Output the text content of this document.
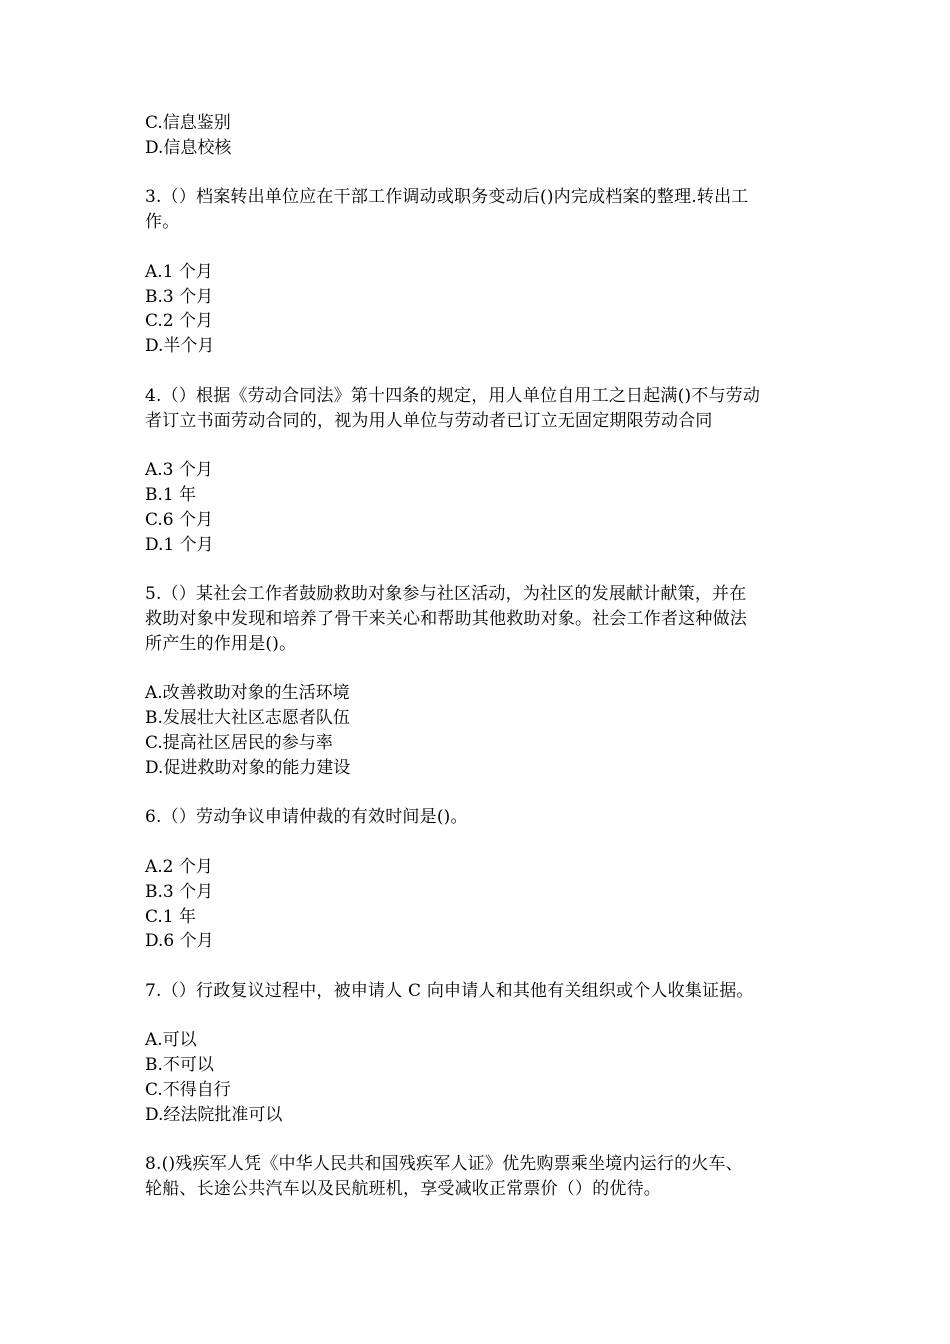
C.信息鉴别
D.信息校核
3.（）档案转出单位应在干部工作调动或职务变动后()内完成档案的整理.转出工
作。
A.1 个月
B.3 个月
C.2 个月
D.半个月
4.（）根据《劳动合同法》第十四条的规定，用人单位自用工之日起满()不与劳动
者订立书面劳动合同的，视为用人单位与劳动者已订立无固定期限劳动合同
A.3 个月
B.1 年
C.6 个月
D.1 个月
5.（）某社会工作者鼓励救助对象参与社区活动，为社区的发展献计献策，并在
救助对象中发现和培养了骨干来关心和帮助其他救助对象。社会工作者这种做法
所产生的作用是()。
A.改善救助对象的生活环境
B.发展壮大社区志愿者队伍
C.提高社区居民的参与率
D.促进救助对象的能力建设
6.（）劳动争议申请仲裁的有效时间是()。
A.2 个月
B.3 个月
C.1 年
D.6 个月
7.（）行政复议过程中，被申请人 C 向申请人和其他有关组织或个人收集证据。
A.可以
B.不可以
C.不得自行
D.经法院批准可以
8.()残疾军人凭《中华人民共和国残疾军人证》优先购票乘坐境内运行的火车、
轮船、长途公共汽车以及民航班机，享受减收正常票价（）的优待。
